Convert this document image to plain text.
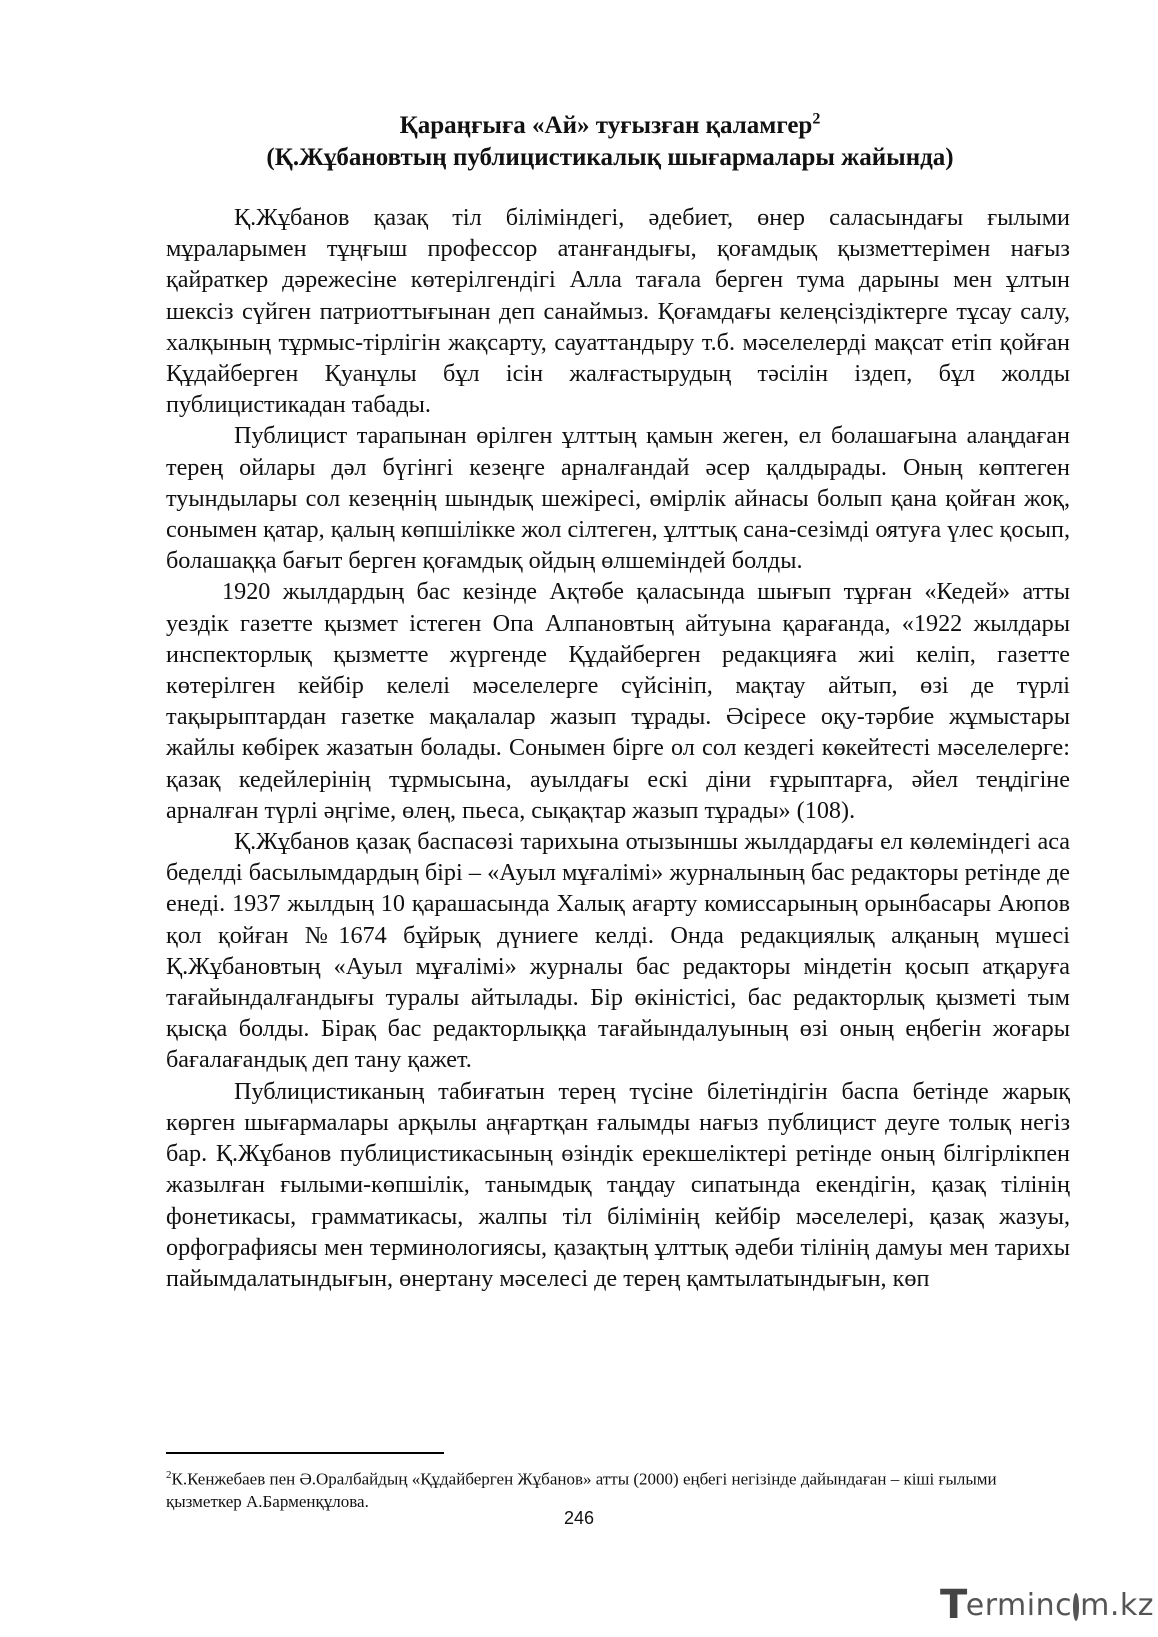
Қараңғыға «Ай» туғызған қаламгер$^2$
(Қ.Жұбановтың публицистикалық шығармалары жайында)

Қ.Жұбанов қазақ тіл біліміндегі, әдебиет, өнер саласындағы ғылыми мұраларымен тұңғыш профессор атанғандығы, қоғамдық қызметтерімен нағыз қайраткер дәрежесіне көтерілгендігі Алла тағала берген тума дарыны мен ұлтын шексіз сүйген патриоттығынан деп санаймыз. Қоғамдағы келеңсіздіктерге тұсау салу, халқының тұрмыс-тірлігін жақсарту, сауаттандыру т.б. мәселелерді мақсат етіп қойған Құдайберген Қуанұлы бұл ісін жалғастырудың тәсілін іздеп, бұл жолды публицистикадан табады.

Публицист тарапынан өрілген ұлттың қамын жеген, ел болашағына алаңдаған терең ойлары дәл бүгінгі кезеңге арналғандай әсер қалдырады. Оның көптеген туындылары сол кезеңнің шындық шежіресі, өмірлік айнасы болып қана қойған жоқ, сонымен қатар, қалың көпшілікке жол сілтеген, ұлттық сана-сезімді оятуға үлес қосып, болашаққа бағыт берген қоғамдық ойдың өлшеміндей болды.

1920 жылдардың бас кезінде Ақтөбе қаласында шығып тұрған «Кедей» атты уездік газетте қызмет істеген Опа Алпановтың айтуына қарағанда, «1922 жылдары инспекторлық қызметте жүргенде Құдайберген редакцияға жиі келіп, газетте көтерілген кейбір келелі мәселелерге сүйсініп, мақтау айтып, өзі де түрлі тақырыптардан газетке мақалалар жазып тұрады. Әсіресе оқу-тәрбие жұмыстары жайлы көбірек жазатын болады. Сонымен бірге ол сол кездегі көкейтесті мәселелерге: қазақ кедейлерінің тұрмысына, ауылдағы ескі діни ғұрыптарға, әйел теңдігіне арналған түрлі әңгіме, өлең, пьеса, сықақтар жазып тұрады» (108).

Қ.Жұбанов қазақ баспасөзі тарихына отызыншы жылдардағы ел көлеміндегі аса беделді басылымдардың бірі – «Ауыл мұғалімі» журналының бас редакторы ретінде де енеді. 1937 жылдың 10 қарашасында Халық ағарту комиссарының орынбасары Аюпов қол қойған №1674 бұйрық дүниеге келді. Онда редакциялық алқаның мүшесі Қ.Жұбановтың «Ауыл мұғалімі» журналы бас редакторы міндетін қосып атқаруға тағайындалғандығы туралы айтылады. Бір өкіністісі, бас редакторлық қызметі тым қысқа болды. Бірақ бас редакторлыққа тағайындалуының өзі оның еңбегін жоғары бағалағандық деп тану қажет.

Публицистиканың табиғатын терең түсіне білетіндігін баспа бетінде жарық көрген шығармалары арқылы аңғартқан ғалымды нағыз публицист деуге толық негіз бар. Қ.Жұбанов публицистикасының өзіндік ерекшеліктері ретінде оның білгірлікпен жазылған ғылыми-көпшілік, танымдық таңдау сипатында екендігін, қазақ тілінің фонетикасы, грамматикасы, жалпы тіл білімінің кейбір мәселелері, қазақ жазуы, орфографиясы мен терминологиясы, қазақтың ұлттық әдеби тілінің дамуы мен тарихы пайымдалатындығын, өнертану мәселесі де терең қамтылатындығын, көп

$^2$К.Кенжебаев пен Ә.Оралбайдың «Құдайберген Жұбанов» атты (2000) еңбегі негізінде дайындаған – кіші ғылыми қызметкер А.Барменқұлова.
246
T
erminc m.kz
